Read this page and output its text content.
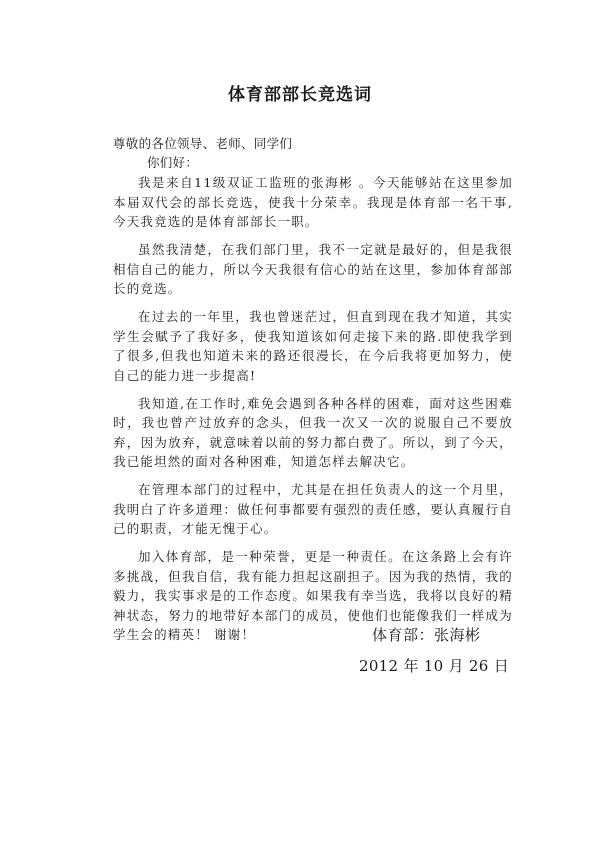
体育部部长竞选词
尊敬的各位领导、老师、同学们
你们好：

我是来自11级双证工监班的张海彬 。今天能够站在这里参加本届双代会的部长竞选，使我十分荣幸。我现是体育部一名干事,今天我竞选的是体育部部长一职。

虽然我清楚，在我们部门里，我不一定就是最好的，但是我很相信自己的能力，所以今天我很有信心的站在这里，参加体育部部长的竞选。

在过去的一年里，我也曾迷茫过，但直到现在我才知道，其实学生会赋予了我好多，使我知道该如何走接下来的路.即使我学到了很多,但我也知道未来的路还很漫长，在今后我将更加努力，使自己的能力进一步提高!

我知道,在工作时,难免会遇到各种各样的困难，面对这些困难时，我也曾产过放弃的念头，但我一次又一次的说服自己不要放弃，因为放弃，就意味着以前的努力都白费了。所以，到了今天，我已能坦然的面对各种困难，知道怎样去解决它。

在管理本部门的过程中，尤其是在担任负责人的这一个月里，我明白了许多道理：做任何事都要有强烈的责任感，要认真履行自己的职责，才能无愧于心。

加入体育部，是一种荣誉，更是一种责任。在这条路上会有许多挑战，但我自信，我有能力担起这副担子。因为我的热情，我的毅力，我实事求是的工作态度。如果我有幸当选，我将以良好的精神状态，努力的地带好本部门的成员，使他们也能像我们一样成为学生会的精英！ 谢谢！	体育部：张海彬
2012 年 10 月 26 日
